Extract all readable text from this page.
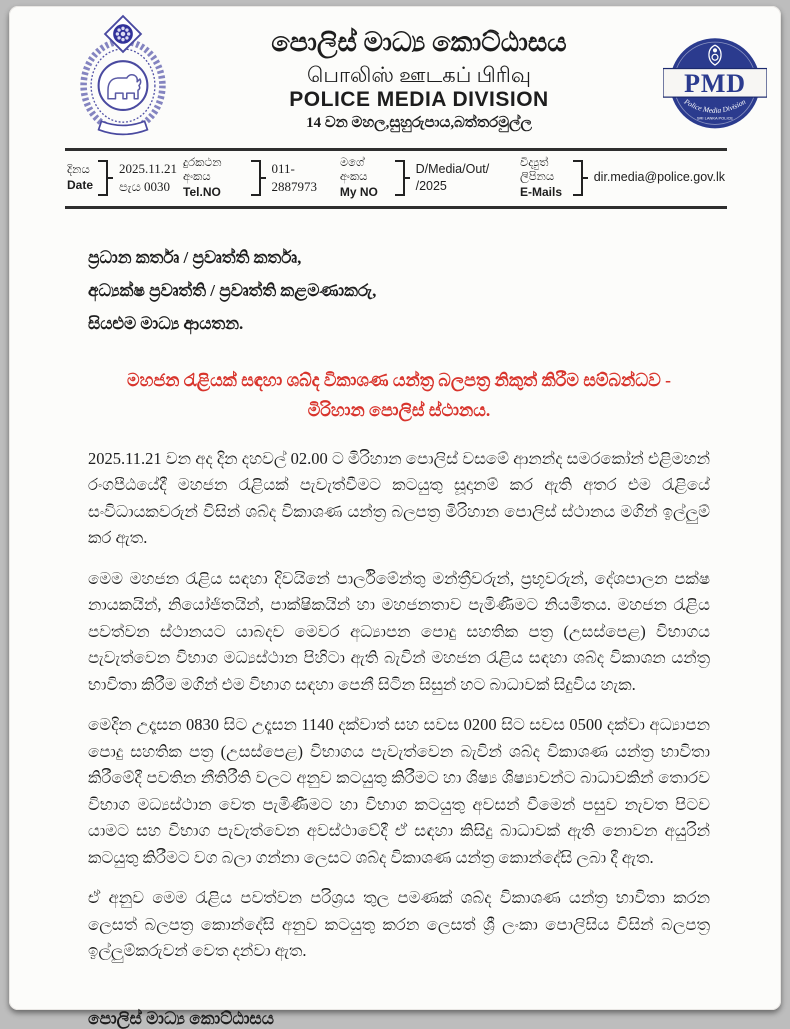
පොලිස් මාධ්‍ය කොට්ඨාසය
பொலிஸ் ஊடகப் பிரிவு
POLICE MEDIA DIVISION
14 වන මහල,සුහුරුපාය,බත්තරමුල්ල
PMD
Police Media Division
SRI LANKA POLICE
දිනය
Date
2025.11.21
පැය 0030
දුරකථන අංකය
Tel.NO
011-2887973
මගේ අංකය
My NO
D/Media/Out/ /2025
විද්‍යුත් ලිපිනය
E-Mails
dir.media@police.gov.lk
ප්‍රධාන කර්තෘ / ප්‍රවෘත්ති කර්තෘ,
අධ්‍යක්ෂ ප්‍රවෘත්ති / ප්‍රවෘත්ති කළමණාකරු,
සියළුම මාධ්‍ය ආයතන.
මහජන රැළියක් සඳහා ශබ්ද විකාශණ යන්ත්‍ර බලපත්‍ර නිකුත් කිරීම සම්බන්ධව -
මිරිහාන පොලිස් ස්ථානය.

2025.11.21 වන අද දින දහවල් 02.00 ට මිරිහාන පොලිස් වසමේ ආනන්ද සමරකෝන් එළිමහන් රංගපීඨයේදී මහජන රැළියක් පැවැත්වීමට කටයුතු සූදානම් කර ඇති අතර එම රැළියේ සංවිධායකවරුන් විසින් ශබ්ද විකාශණ යන්ත්‍ර බලපත්‍ර මිරිහාන පොලිස් ස්ථානය මගින් ඉල්ලුම් කර ඇත.

මෙම මහජන රැළිය සඳහා දිවයිනේ පාර්ලිමේන්තු මන්ත්‍රීවරුන්, ප්‍රභූවරුන්, දේශපාලන පක්ෂ නායකයින්, නියෝජිතයින්, පාක්ෂිකයින් හා මහජනතාව පැමිණීමට නියමිතය. මහජන රැළිය පවත්වන ස්ථානයට යාබදව මෙවර අධ්‍යාපන පොදු සහතික පත්‍ර (උසස්පෙළ) විභාගය පැවැත්වෙන විභාග මධ්‍යස්ථාන පිහිටා ඇති බැවින් මහජන රැළිය සඳහා ශබ්ද විකාශන යන්ත්‍ර භාවිතා කිරීම මගින් එම විභාග සඳහා පෙනී සිටින සිසුන් හට බාධාවක් සිදුවිය හැක.

මෙදින උදෑසන 0830 සිට උදෑසන 1140 දක්වාත් සහ සවස 0200 සිට සවස 0500 දක්වා අධ්‍යාපන පොදු සහතික පත්‍ර (උසස්පෙළ) විභාගය පැවැත්වෙන බැවින් ශබ්ද විකාශණ යන්ත්‍ර භාවිතා කිරීමේදී පවතින නීතිරීති වලට අනුව කටයුතු කිරීමට හා ශිෂ්‍ය ශිෂ්‍යාවන්ට බාධාවකින් තොරව විභාග මධ්‍යස්ථාන වෙත පැමිණීමට හා විභාග කටයුතු අවසන් වීමෙන් පසුව නැවත පිටව යාමට සහ විභාග පැවැත්වෙන අවස්ථාවේදී ඒ සඳහා කිසිදු බාධාවක් ඇති නොවන අයුරින් කටයුතු කිරීමට වග බලා ගන්නා ලෙසට ශබ්ද විකාශණ යන්ත්‍ර කොන්දේසි ලබා දී ඇත.

ඒ අනුව මෙම රැළිය පවත්වන පරිශ්‍රය තුල පමණක් ශබ්ද විකාශණ යන්ත්‍ර භාවිතා කරන ලෙසත් බලපත්‍ර කොන්දේසි අනුව කටයුතු කරන ලෙසත් ශ්‍රී ලංකා පොලිසිය විසින් බලපත්‍ර ඉල්ලුම්කරුවන් වෙත දන්වා ඇත.

පොලිස් මාධ්‍ය කොට්ඨාසය
